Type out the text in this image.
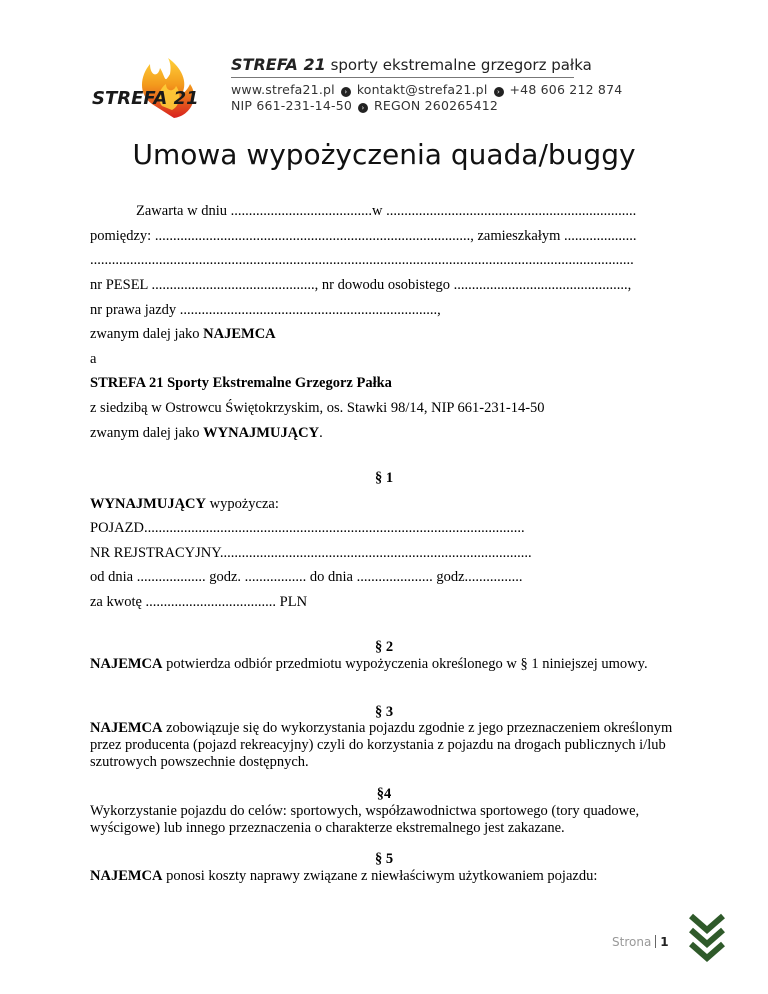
STREFA 21
STREFA 21 sporty ekstremalne grzegorz pałka
www.strefa21.pl › kontakt@strefa21.pl › +48 606 212 874
NIP 661-231-14-50 › REGON 260265412
Umowa wypożyczenia quada/buggy
Zawarta w dniu .......................................w .....................................................................
pomiędzy: ......................................................................................., zamieszkałym ....................
......................................................................................................................................................
nr PESEL ............................................., nr dowodu osobistego ................................................,
nr prawa jazdy .......................................................................,
zwanym dalej jako NAJEMCA
a
STREFA 21 Sporty Ekstremalne Grzegorz Pałka
z siedzibą w Ostrowcu Świętokrzyskim, os. Stawki 98/14, NIP 661-231-14-50
zwanym dalej jako WYNAJMUJĄCY.
§ 1
WYNAJMUJĄCY wypożycza:
POJAZD.........................................................................................................
NR REJSTRACYJNY......................................................................................
od dnia ................... godz. ................. do dnia ..................... godz................
za kwotę .................................... PLN
§ 2
NAJEMCA potwierdza odbiór przedmiotu wypożyczenia określonego w § 1 niniejszej umowy.
§ 3
NAJEMCA zobowiązuje się do wykorzystania pojazdu zgodnie z jego przeznaczeniem określonym przez producenta (pojazd rekreacyjny) czyli do korzystania z pojazdu na drogach publicznych i/lub szutrowych powszechnie dostępnych.
§4
Wykorzystanie pojazdu do celów: sportowych, współzawodnictwa sportowego (tory quadowe, wyścigowe) lub innego przeznaczenia o charakterze ekstremalnego jest zakazane.
§ 5
NAJEMCA ponosi koszty naprawy związane z niewłaściwym użytkowaniem pojazdu:
Strona 1
